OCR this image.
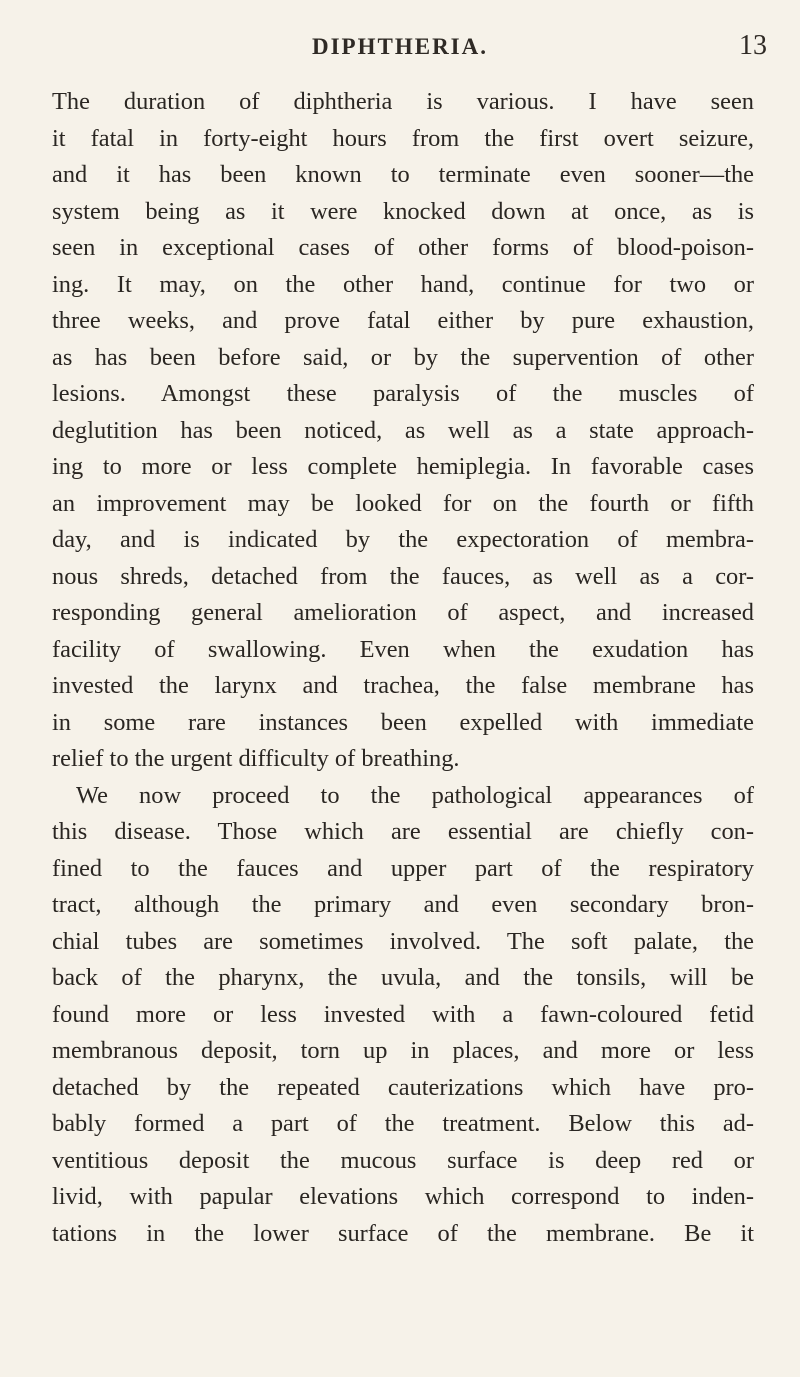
DIPHTHERIA.	13
The duration of diphtheria is various. I have seen
it fatal in forty-eight hours from the first overt seizure,
and it has been known to terminate even sooner—the
system being as it were knocked down at once, as is
seen in exceptional cases of other forms of blood-poison-
ing. It may, on the other hand, continue for two or
three weeks, and prove fatal either by pure exhaustion,
as has been before said, or by the supervention of other
lesions. Amongst these paralysis of the muscles of
deglutition has been noticed, as well as a state approach-
ing to more or less complete hemiplegia. In favorable cases
an improvement may be looked for on the fourth or fifth
day, and is indicated by the expectoration of membra-
nous shreds, detached from the fauces, as well as a cor-
responding general amelioration of aspect, and increased
facility of swallowing. Even when the exudation has
invested the larynx and trachea, the false membrane has
in some rare instances been expelled with immediate
relief to the urgent difficulty of breathing.
We now proceed to the pathological appearances of
this disease. Those which are essential are chiefly con-
fined to the fauces and upper part of the respiratory
tract, although the primary and even secondary bron-
chial tubes are sometimes involved. The soft palate, the
back of the pharynx, the uvula, and the tonsils, will be
found more or less invested with a fawn-coloured fetid
membranous deposit, torn up in places, and more or less
detached by the repeated cauterizations which have pro-
bably formed a part of the treatment. Below this ad-
ventitious deposit the mucous surface is deep red or
livid, with papular elevations which correspond to inden-
tations in the lower surface of the membrane. Be it
